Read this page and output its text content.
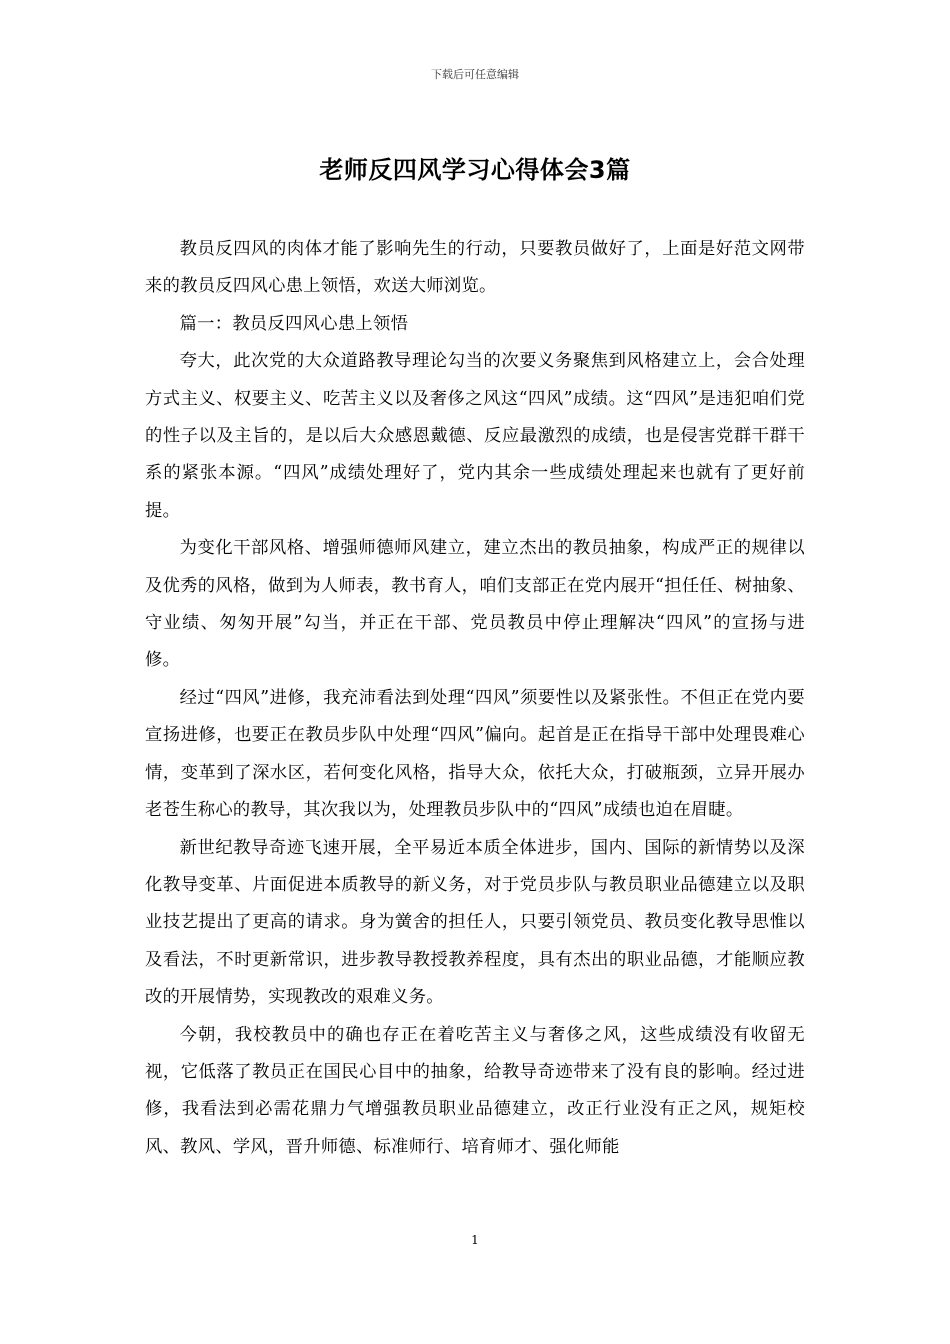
下载后可任意编辑
老师反四风学习心得体会3篇

教员反四风的肉体才能了影响先生的行动，只要教员做好了，上面是好范文网带来的教员反四风心患上领悟，欢送大师浏览。

篇一：教员反四风心患上领悟

夸大，此次党的大众道路教导理论勾当的次要义务聚焦到风格建立上，会合处理方式主义、权要主义、吃苦主义以及奢侈之风这“四风”成绩。这“四风”是违犯咱们党的性子以及主旨的，是以后大众感恩戴德、反应最激烈的成绩，也是侵害党群干群干系的紧张本源。“四风”成绩处理好了，党内其余一些成绩处理起来也就有了更好前提。

为变化干部风格、增强师德师风建立，建立杰出的教员抽象，构成严正的规律以及优秀的风格，做到为人师表，教书育人，咱们支部正在党内展开“担任任、树抽象、守业绩、匆匆开展”勾当，并正在干部、党员教员中停止理解决“四风”的宣扬与进修。

经过“四风”进修，我充沛看法到处理“四风”须要性以及紧张性。不但正在党内要宣扬进修，也要正在教员步队中处理“四风”偏向。起首是正在指导干部中处理畏难心情，变革到了深水区，若何变化风格，指导大众，依托大众，打破瓶颈，立异开展办老苍生称心的教导，其次我以为，处理教员步队中的“四风”成绩也迫在眉睫。

新世纪教导奇迹飞速开展，全平易近本质全体进步，国内、国际的新情势以及深化教导变革、片面促进本质教导的新义务，对于党员步队与教员职业品德建立以及职业技艺提出了更高的请求。身为黉舍的担任人，只要引领党员、教员变化教导思惟以及看法，不时更新常识，进步教导教授教养程度，具有杰出的职业品德，才能顺应教改的开展情势，实现教改的艰难义务。

今朝，我校教员中的确也存正在着吃苦主义与奢侈之风，这些成绩没有收留无视，它低落了教员正在国民心目中的抽象，给教导奇迹带来了没有良的影响。经过进修，我看法到必需花鼎力气增强教员职业品德建立，改正行业没有正之风，规矩校风、教风、学风，晋升师德、标准师行、培育师才、强化师能

1
